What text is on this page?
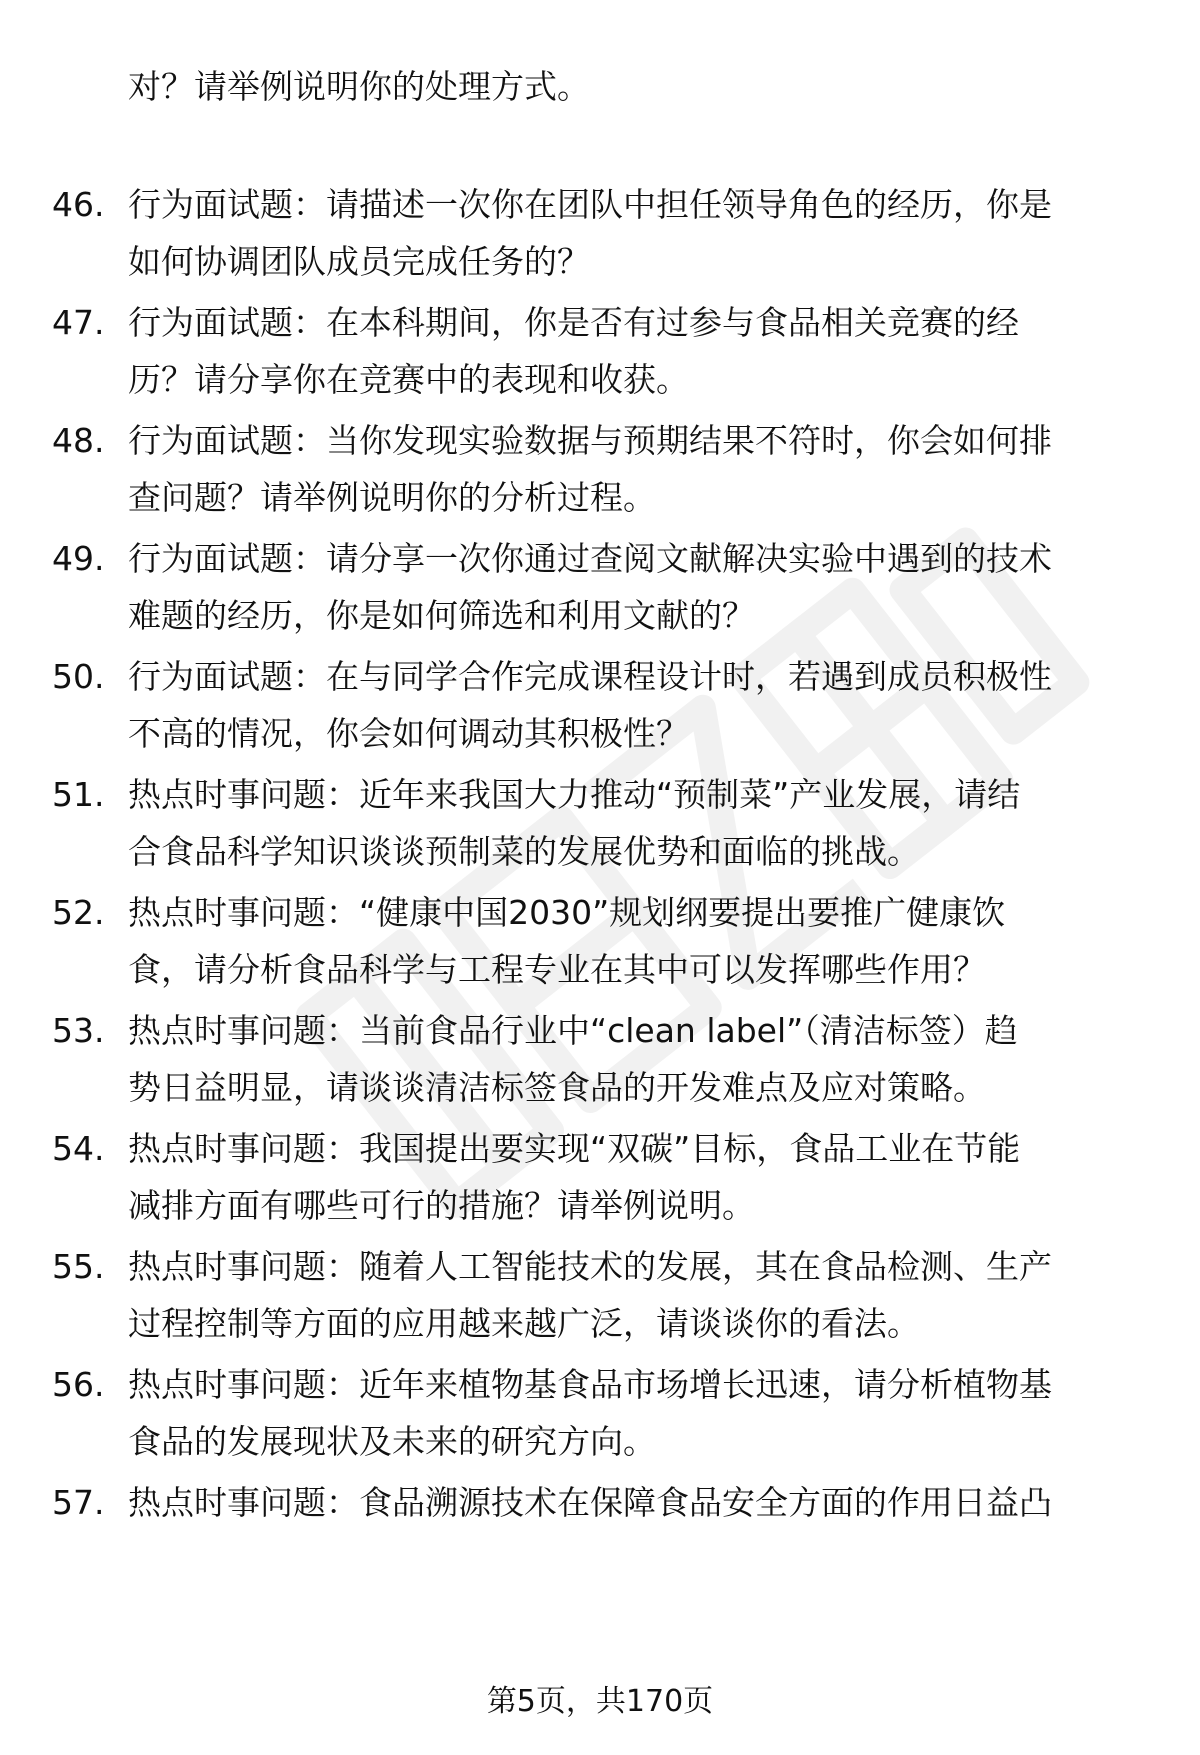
对？请举例说明你的处理方式。
46. 行为面试题：请描述一次你在团队中担任领导角色的经历，你是
如何协调团队成员完成任务的？
47. 行为面试题：在本科期间，你是否有过参与食品相关竞赛的经
历？请分享你在竞赛中的表现和收获。
48. 行为面试题：当你发现实验数据与预期结果不符时，你会如何排
查问题？请举例说明你的分析过程。
49. 行为面试题：请分享一次你通过查阅文献解决实验中遇到的技术
难题的经历，你是如何筛选和利用文献的？
50. 行为面试题：在与同学合作完成课程设计时，若遇到成员积极性
不高的情况，你会如何调动其积极性？
51. 热点时事问题：近年来我国大力推动“预制菜”产业发展，请结
合食品科学知识谈谈预制菜的发展优势和面临的挑战。
52. 热点时事问题：“健康中国2030”规划纲要提出要推广健康饮
食，请分析食品科学与工程专业在其中可以发挥哪些作用？
53. 热点时事问题：当前食品行业中“clean label”（清洁标签）趋
势日益明显，请谈谈清洁标签食品的开发难点及应对策略。
54. 热点时事问题：我国提出要实现“双碳”目标，食品工业在节能
减排方面有哪些可行的措施？请举例说明。
55. 热点时事问题：随着人工智能技术的发展，其在食品检测、生产
过程控制等方面的应用越来越广泛，请谈谈你的看法。
56. 热点时事问题：近年来植物基食品市场增长迅速，请分析植物基
食品的发展现状及未来的研究方向。
57. 热点时事问题：食品溯源技术在保障食品安全方面的作用日益凸
第5页，共170页
